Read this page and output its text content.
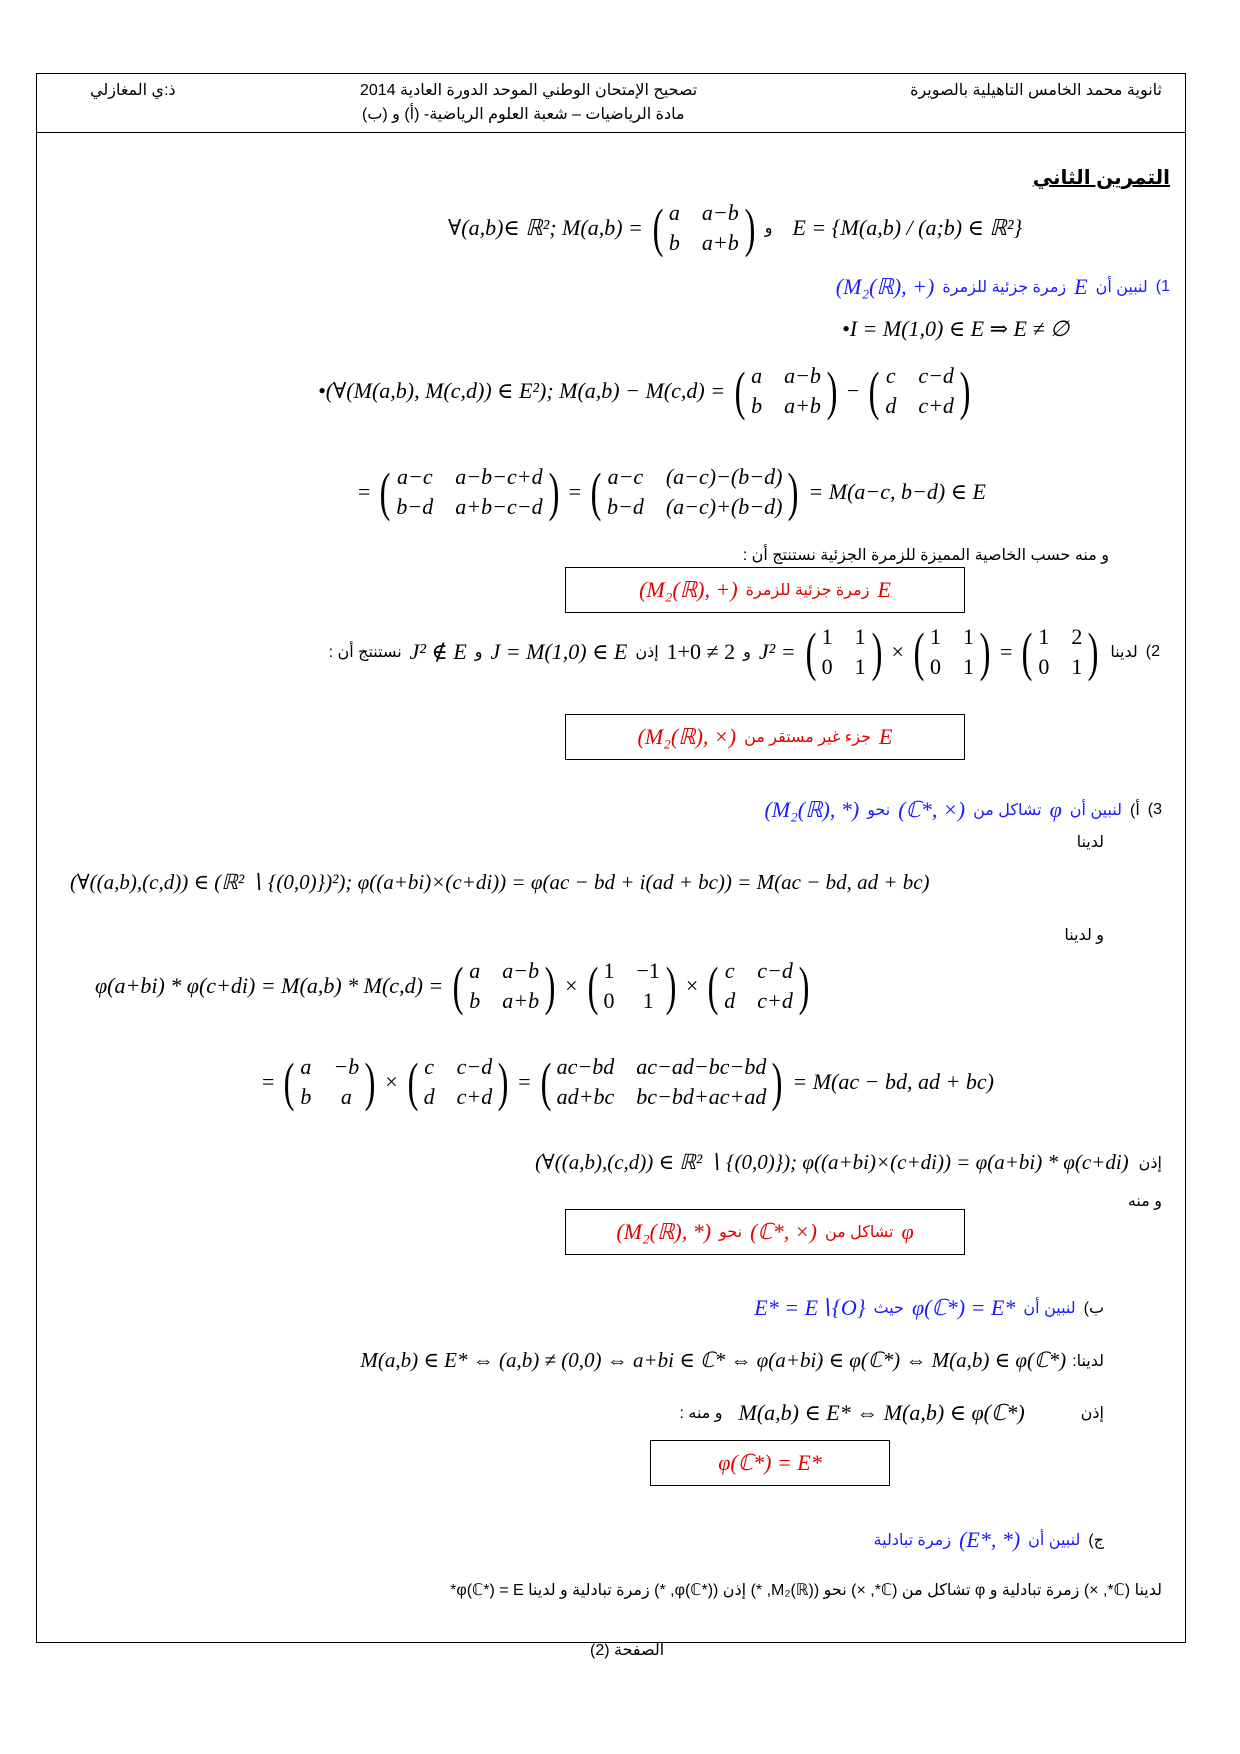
ثانوية محمد الخامس التاهيلية بالصويرة
تصحيح الإمتحان الوطني الموحد الدورة العادية 2014
مادة الرياضيات – شعبة العلوم الرياضية- (أ) و (ب)
ذ:ي المغازلي
التمرين الثاني
∀(a,b)∈ ℝ²; M(a,b) = ( a a−b
b a+b ) و E = {M(a,b) / (a;b) ∈ ℝ²}
1)
لنبين أن
E
زمرة جزئية للزمرة
(M₂(ℝ), +)
•I = M(1,0) ∈ E ⇒ E ≠ ∅
•(∀(M(a,b), M(c,d)) ∈ E²); M(a,b) − M(c,d) = ( a a−b
b a+b ) − ( c c−d
d c+d )
= ( a−c a−b−c+d
b−d a+b−c−d ) = ( a−c (a−c)−(b−d)
b−d (a−c)+(b−d) ) = M(a−c, b−d) ∈ E
و منه حسب الخاصية المميزة للزمرة الجزئية نستنتج أن :
E
زمرة جزئية للزمرة
(M₂(ℝ), +)
2)
لدينا
J² = ( 1 1
0 1 ) × ( 1 1
0 1 ) = ( 1 2
0 1 )
و
1+0 ≠ 2
إذن
J = M(1,0) ∈ E
و
J² ∉ E
نستنتج أن :
E
جزء غير مستقر من
(M₂(ℝ), ×)
3)
أ)
لنبين أن
φ
تشاكل من
(ℂ*, ×)
نحو
(M₂(ℝ), *)
لدينا
(∀((a,b),(c,d)) ∈ (ℝ² ∖ {(0,0)})²); φ((a+bi)×(c+di)) = φ(ac − bd + i(ad + bc)) = M(ac − bd, ad + bc)
و لدينا
φ(a+bi) * φ(c+di) = M(a,b) * M(c,d) = ( a a−b
b a+b ) × ( 1 −1
0 1 ) × ( c c−d
d c+d )
= ( a −b
b	a ) × ( c c−d
d c+d ) = ( ac−bd ac−ad−bc−bd
ad+bc bc−bd+ac+ad ) = M(ac − bd, ad + bc)
إذن
(∀((a,b),(c,d)) ∈ ℝ² ∖ {(0,0)}); φ((a+bi)×(c+di)) = φ(a+bi) * φ(c+di)
و منه
φ
تشاكل من
(ℂ*, ×)
نحو
(M₂(ℝ), *)
ب)
لنبين أن
φ(ℂ*) = E*
حيث
E* = E∖{O}
لدينا:
M(a,b) ∈ E* ⇔ (a,b) ≠ (0,0) ⇔ a+bi ∈ ℂ* ⇔ φ(a+bi) ∈ φ(ℂ*) ⇔ M(a,b) ∈ φ(ℂ*)
إذن
M(a,b) ∈ E* ⇔ M(a,b) ∈ φ(ℂ*)
و منه :
φ(ℂ*) = E*
ج)
لنبين أن
(E*, *)
زمرة تبادلية
لدينا (ℂ*, ×) زمرة تبادلية و φ تشاكل من (ℂ*, ×) نحو (M₂(ℝ), *) إذن (φ(ℂ*), *) زمرة تبادلية و لدينا φ(ℂ*) = E*
الصفحة (2)
